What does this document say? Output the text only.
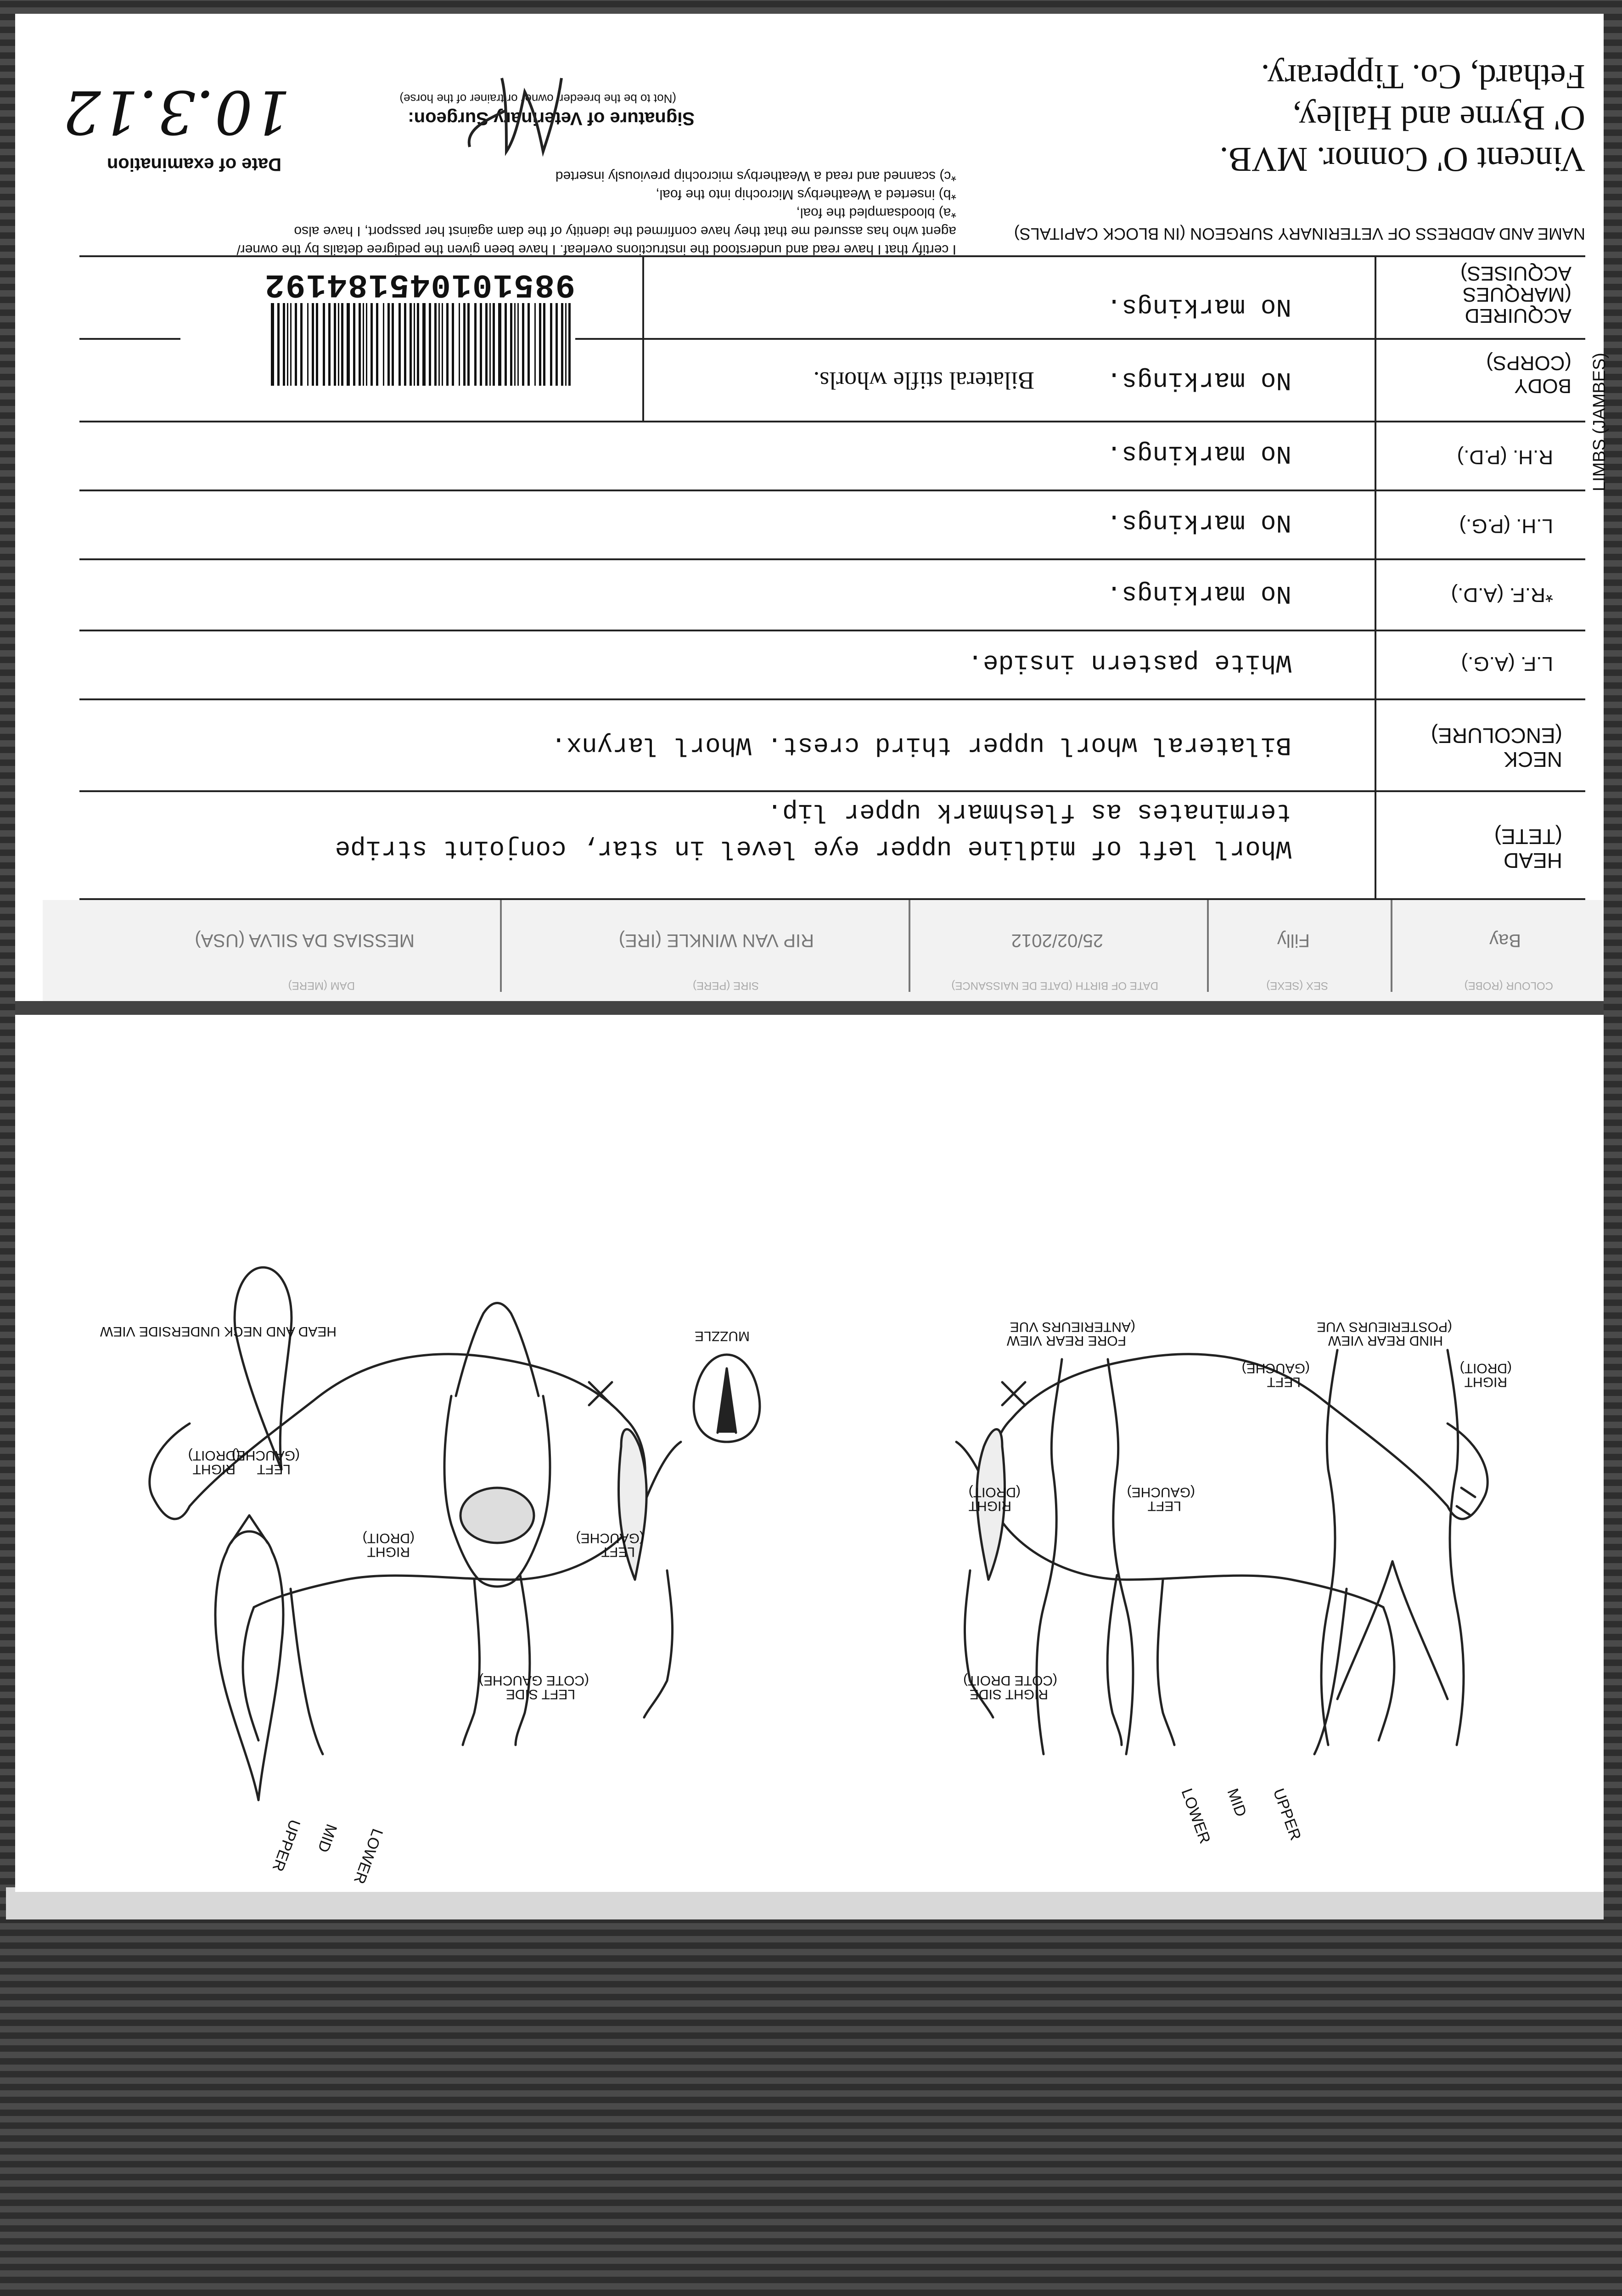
Vincent O' Connor. MVB.
O' Byrne and Halley,
Fethard, Co. Tipperary.
NAME AND ADDRESS OF VETERINARY SURGEON (IN BLOCK CAPITALS)
I certify that I have read and understood the instructions overleaf. I have been given the pedigree details by the owner/
agent who has assured me that they have confirmed the identity of the dam against her passport, I have also
*a) bloodsampled the foal,
*b) inserted a Weatherbys Microchip into the foal,
*c) scanned and read a Weatherbys microchip previously inserted
Signature of Veterinary Surgeon:
(Not to be the breeder, owner or trainer of the horse)
Date of examination
10.3.12
ACQUIRED
(MARQUES
ACQUISES)
BODY
(CORPS)
R.H. (P.D.)
L.H. (P.G.)
*R.F. (A.D.)
L.F. (A.G.)
LIMBS (JAMBES)
NECK
(ENCOLURE)
HEAD
(TETE)
No markings.
No markings.
Bilateral stifle whorls.
No markings.
No markings.
No markings.
White pastern inside.
Bilateral whorl upper third crest. Whorl larynx.
Whorl left of midline upper eye level in star, conjoint stripe
terminates as fleshmark upper lip.
985101045184192
Bay
Filly
25/02/2012
RIP VAN WINKLE (IRE)
MESSIAS DA SILVA (USA)
COLOUR (ROBE)
SEX (SEXE)
DATE OF BIRTH (DATE DE NAISSANCE)
SIRE (PERE)
DAM (MERE)
HEAD AND NECK UNDERSIDE VIEW	MUZZLE	FORE REAR VIEW
(ANTERIEURS VUE
HIND REAR VIEW
(POSTERIEURS VUE
RIGHT SIDE
(COTE DROIT)
LEFT SIDE
(COTE GAUCHE)
RIGHT
(DROIT)
LEFT
(GAUCHE)
RIGHT
(DROIT)
LEFT
(GAUCHE)
RIGHT
(DROIT)
LEFT
(GAUCHE)
RIGHT
(DROIT)
LEFT
(GAUCHE)
UPPER MID LOWER
UPPER
MID
LOWER
